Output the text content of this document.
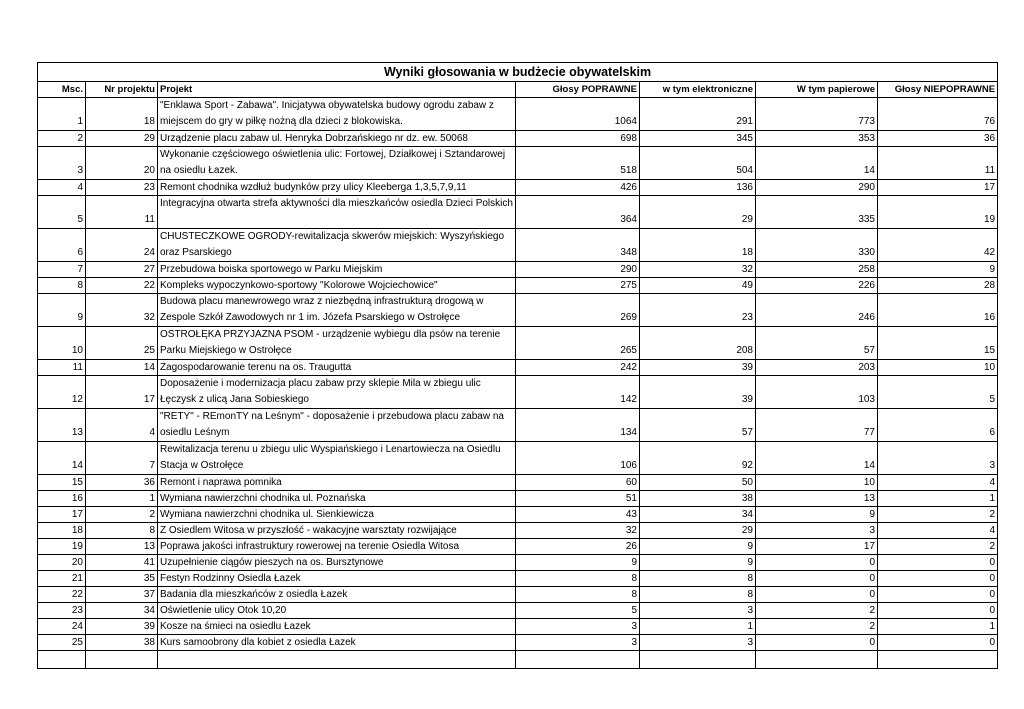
Wyniki głosowania w budżecie obywatelskim						
Msc.	Nr projektu	Projekt	Głosy POPRAWNE	w tym elektroniczne	W tym papierowe	Głosy NIEPOPRAWNE
1	18	"Enklawa Sport - Zabawa". Inicjatywa obywatelska budowy ogrodu zabaw z miejscem do gry w piłkę nożną dla dzieci z blokowiska.	1064	291	773	76
2	29	Urządzenie placu zabaw ul. Henryka Dobrzańskiego nr dz. ew. 50068	698	345	353	36
3	20	Wykonanie częściowego oświetlenia ulic: Fortowej, Działkowej i Sztandarowej na osiedlu Łazek.	518	504	14	11
4	23	Remont chodnika wzdłuż budynków przy ulicy Kleeberga 1,3,5,7,9,11	426	136	290	17
5	11	Integracyjna otwarta strefa aktywności dla mieszkańców osiedla Dzieci Polskich	364	29	335	19
6	24	CHUSTECZKOWE OGRODY-rewitalizacja skwerów miejskich: Wyszyńskiego oraz Psarskiego	348	18	330	42
7	27	Przebudowa boiska sportowego w Parku Miejskim	290	32	258	9
8	22	Kompleks wypoczynkowo-sportowy "Kolorowe Wojciechowice"	275	49	226	28
9	32	Budowa placu manewrowego wraz z niezbędną infrastrukturą drogową w Zespole Szkół Zawodowych nr 1 im. Józefa Psarskiego w Ostrołęce	269	23	246	16
10	25	OSTROŁĘKA PRZYJAZNA PSOM - urządzenie wybiegu dla psów na terenie Parku Miejskiego w Ostrołęce	265	208	57	15
11	14	Zagospodarowanie terenu na os. Traugutta	242	39	203	10
12	17	Doposażenie i modernizacja placu zabaw przy sklepie Mila w zbiegu ulic Łęczysk z ulicą Jana Sobieskiego	142	39	103	5
13	4	"RETY" - REmonTY na Leśnym" - doposażenie i przebudowa placu zabaw na osiedlu Leśnym	134	57	77	6
14	7	Rewitalizacja terenu u zbiegu ulic Wyspiańskiego i Lenartowiecza na Osiedlu Stacja w Ostrołęce	106	92	14	3
15	36	Remont i naprawa pomnika	60	50	10	4
16	1	Wymiana nawierzchni chodnika ul. Poznańska	51	38	13	1
17	2	Wymiana nawierzchni chodnika ul. Sienkiewicza	43	34	9	2
18	8	Z Osiedlem Witosa w przyszłość - wakacyjne warsztaty rozwijające	32	29	3	4
19	13	Poprawa jakości infrastruktury rowerowej na terenie Osiedla Witosa	26	9	17	2
20	41	Uzupełnienie ciągów pieszych na os. Bursztynowe	9	9	0	0
21	35	Festyn Rodzinny Osiedla Łazek	8	8	0	0
22	37	Badania dla mieszkańców z osiedla Łazek	8	8	0	0
23	34	Oświetlenie ulicy Otok 10,20	5	3	2	0
24	39	Kosze na śmieci na osiedlu Łazek	3	1	2	1
25	38	Kurs samoobrony dla kobiet z osiedla Łazek	3	3	0	0
